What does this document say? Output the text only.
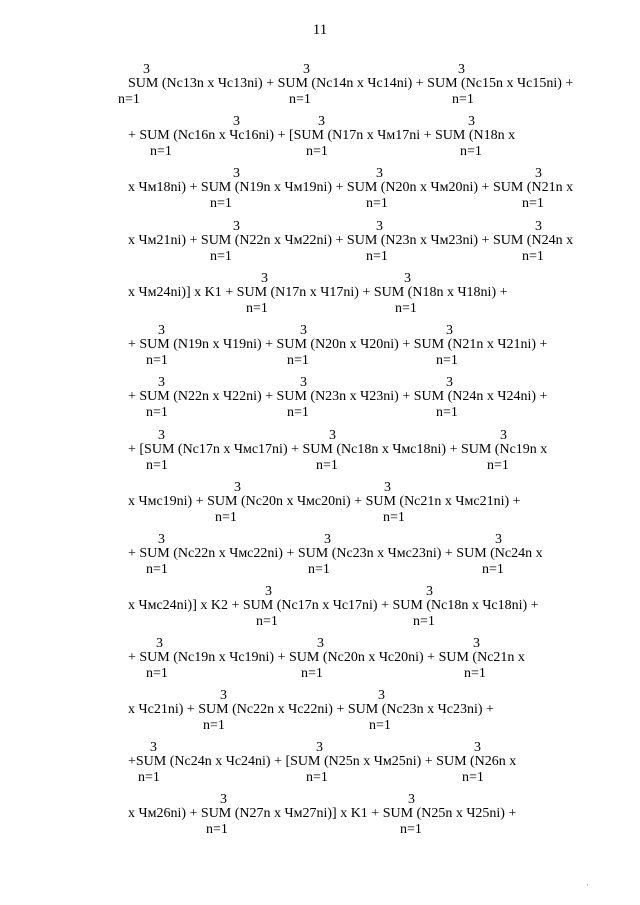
11
3
n=1
3
n=1
3
n=1
SUM (Nc13n x Чc13ni) + SUM (Nc14n x Чc14ni) + SUM (Nc15n x Чc15ni) +
3
n=1
3
n=1
3
n=1
+ SUM (Nc16n x Чc16ni) + [SUM (N17n x Чм17ni + SUM (N18n x
3
n=1
3
n=1
3
n=1
x Чм18ni) + SUM (N19n x Чм19ni) + SUM (N20n x Чм20ni) + SUM (N21n x
3
n=1
3
n=1
3
n=1
x Чм21ni) + SUM (N22n x Чм22ni) + SUM (N23n x Чм23ni) + SUM (N24n x
3
n=1
3
n=1
x Чм24ni)] x K1 + SUM (N17n x Ч17ni) + SUM (N18n x Ч18ni) +
3
n=1
3
n=1
3
n=1
+ SUM (N19n x Ч19ni) + SUM (N20n x Ч20ni) + SUM (N21n x Ч21ni) +
3
n=1
3
n=1
3
n=1
+ SUM (N22n x Ч22ni) + SUM (N23n x Ч23ni) + SUM (N24n x Ч24ni) +
3
n=1
3
n=1
3
n=1
+ [SUM (Nc17n x Чмс17ni) + SUM (Nc18n x Чмс18ni) + SUM (Nc19n x
3
n=1
3
n=1
x Чмс19ni) + SUM (Nc20n x Чмс20ni) + SUM (Nc21n x Чмс21ni) +
3
n=1
3
n=1
3
n=1
+ SUM (Nc22n x Чмс22ni) + SUM (Nc23n x Чмс23ni) + SUM (Nc24n x
3
n=1
3
n=1
x Чмс24ni)] x K2 + SUM (Nc17n x Чc17ni) + SUM (Nc18n x Чc18ni) +
3
n=1
3
n=1
3
n=1
+ SUM (Nc19n x Чc19ni) + SUM (Nc20n x Чc20ni) + SUM (Nc21n x
3
n=1
3
n=1
x Чc21ni) + SUM (Nc22n x Чc22ni) + SUM (Nc23n x Чc23ni) +
3
n=1
3
n=1
3
n=1
+SUM (Nc24n x Чc24ni) + [SUM (N25n x Чм25ni) + SUM (N26n x
3
n=1
3
n=1
x Чм26ni) + SUM (N27n x Чм27ni)] x K1 + SUM (N25n x Ч25ni) +
·
